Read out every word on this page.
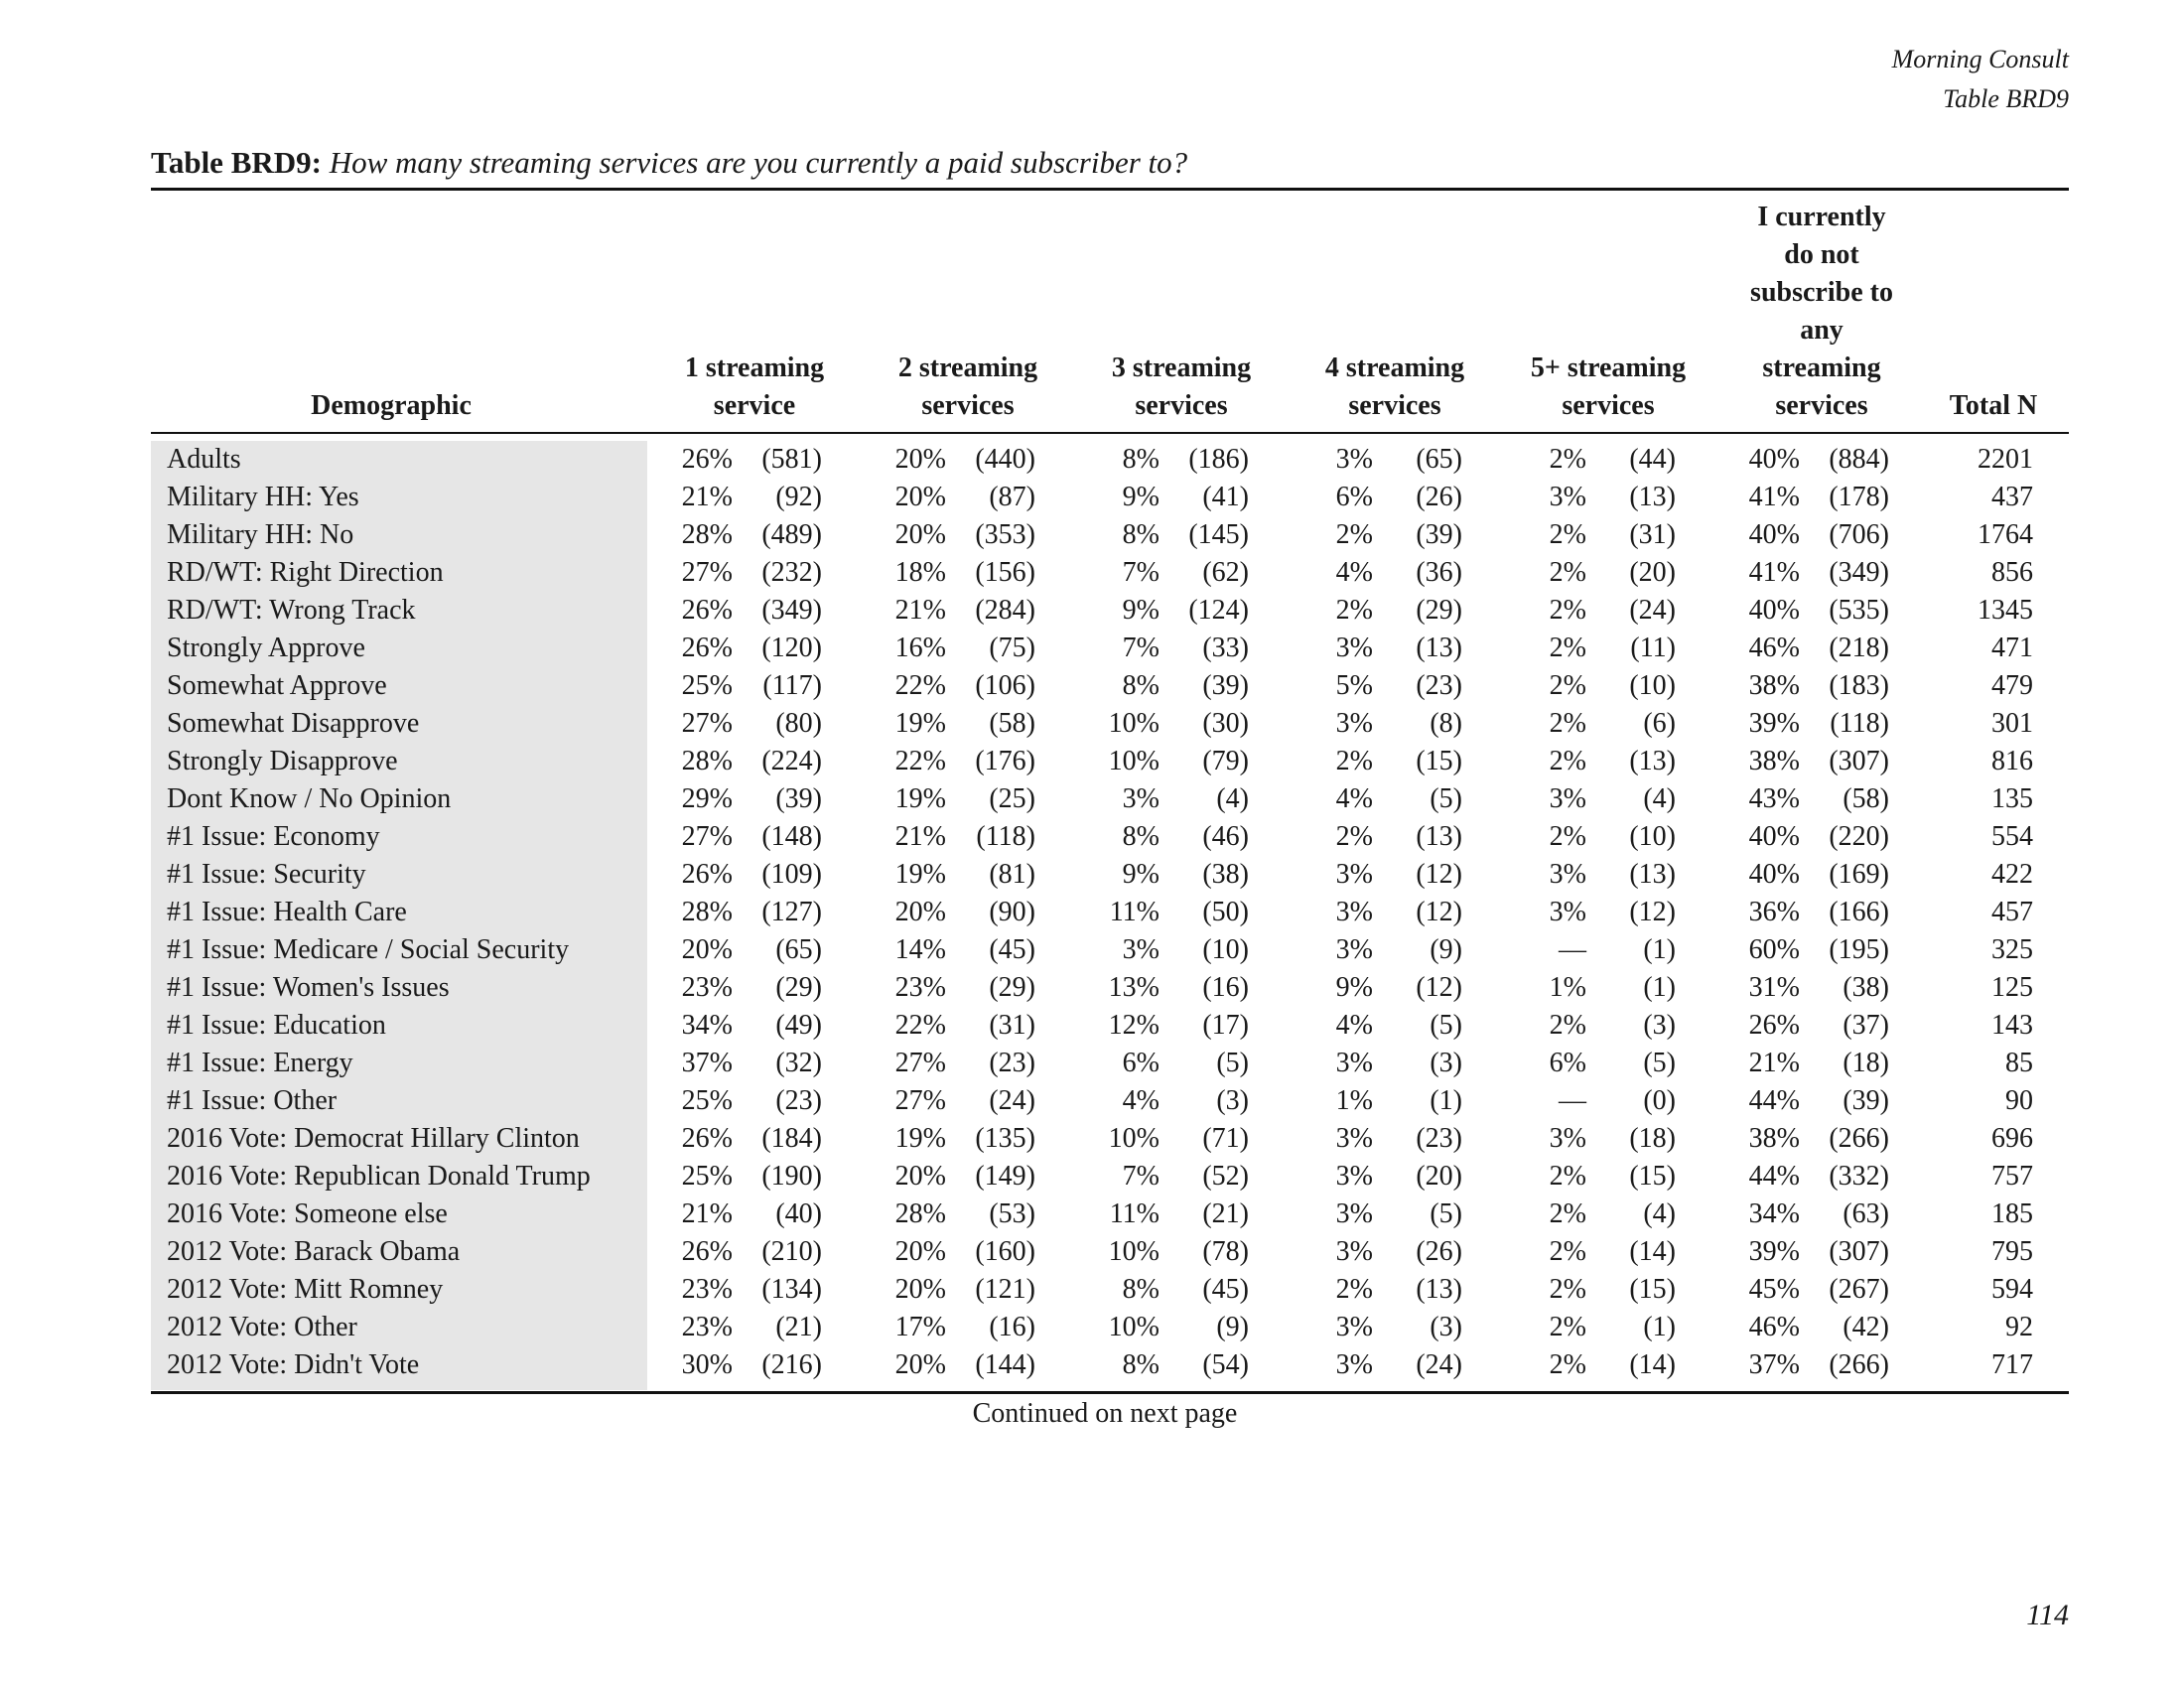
Morning Consult
Table BRD9
Table BRD9: How many streaming services are you currently a paid subscriber to?
Demographic
1 streaming
service
2 streaming
services
3 streaming
services
4 streaming
services
5+ streaming
services
I currently
do not
subscribe to
any
streaming
services	Total N
Adults	26%	(581)	20%	(440)	8%	(186)	3%	(65)	2%	(44)	40%	(884)	2201
Military HH: Yes	21%	(92)	20%	(87)	9%	(41)	6%	(26)	3%	(13)	41%	(178)	437
Military HH: No	28%	(489)	20%	(353)	8%	(145)	2%	(39)	2%	(31)	40%	(706)	1764
RD/WT: Right Direction	27%	(232)	18%	(156)	7%	(62)	4%	(36)	2%	(20)	41%	(349)	856
RD/WT: Wrong Track	26%	(349)	21%	(284)	9%	(124)	2%	(29)	2%	(24)	40%	(535)	1345
Strongly Approve	26%	(120)	16%	(75)	7%	(33)	3%	(13)	2%	(11)	46%	(218)	471
Somewhat Approve	25%	(117)	22%	(106)	8%	(39)	5%	(23)	2%	(10)	38%	(183)	479
Somewhat Disapprove	27%	(80)	19%	(58)	10%	(30)	3%	(8)	2%	(6)	39%	(118)	301
Strongly Disapprove	28%	(224)	22%	(176)	10%	(79)	2%	(15)	2%	(13)	38%	(307)	816
Dont Know / No Opinion	29%	(39)	19%	(25)	3%	(4)	4%	(5)	3%	(4)	43%	(58)	135
#1 Issue: Economy	27%	(148)	21%	(118)	8%	(46)	2%	(13)	2%	(10)	40%	(220)	554
#1 Issue: Security	26%	(109)	19%	(81)	9%	(38)	3%	(12)	3%	(13)	40%	(169)	422
#1 Issue: Health Care	28%	(127)	20%	(90)	11%	(50)	3%	(12)	3%	(12)	36%	(166)	457
#1 Issue: Medicare / Social Security	20%	(65)	14%	(45)	3%	(10)	3%	(9)	—	(1)	60%	(195)	325
#1 Issue: Women's Issues	23%	(29)	23%	(29)	13%	(16)	9%	(12)	1%	(1)	31%	(38)	125
#1 Issue: Education	34%	(49)	22%	(31)	12%	(17)	4%	(5)	2%	(3)	26%	(37)	143
#1 Issue: Energy	37%	(32)	27%	(23)	6%	(5)	3%	(3)	6%	(5)	21%	(18)	85
#1 Issue: Other	25%	(23)	27%	(24)	4%	(3)	1%	(1)	—	(0)	44%	(39)	90
2016 Vote: Democrat Hillary Clinton	26%	(184)	19%	(135)	10%	(71)	3%	(23)	3%	(18)	38%	(266)	696
2016 Vote: Republican Donald Trump	25%	(190)	20%	(149)	7%	(52)	3%	(20)	2%	(15)	44%	(332)	757
2016 Vote: Someone else	21%	(40)	28%	(53)	11%	(21)	3%	(5)	2%	(4)	34%	(63)	185
2012 Vote: Barack Obama	26%	(210)	20%	(160)	10%	(78)	3%	(26)	2%	(14)	39%	(307)	795
2012 Vote: Mitt Romney	23%	(134)	20%	(121)	8%	(45)	2%	(13)	2%	(15)	45%	(267)	594
2012 Vote: Other	23%	(21)	17%	(16)	10%	(9)	3%	(3)	2%	(1)	46%	(42)	92
2012 Vote: Didn't Vote	30%	(216)	20%	(144)	8%	(54)	3%	(24)	2%	(14)	37%	(266)	717
Continued on next page
114
